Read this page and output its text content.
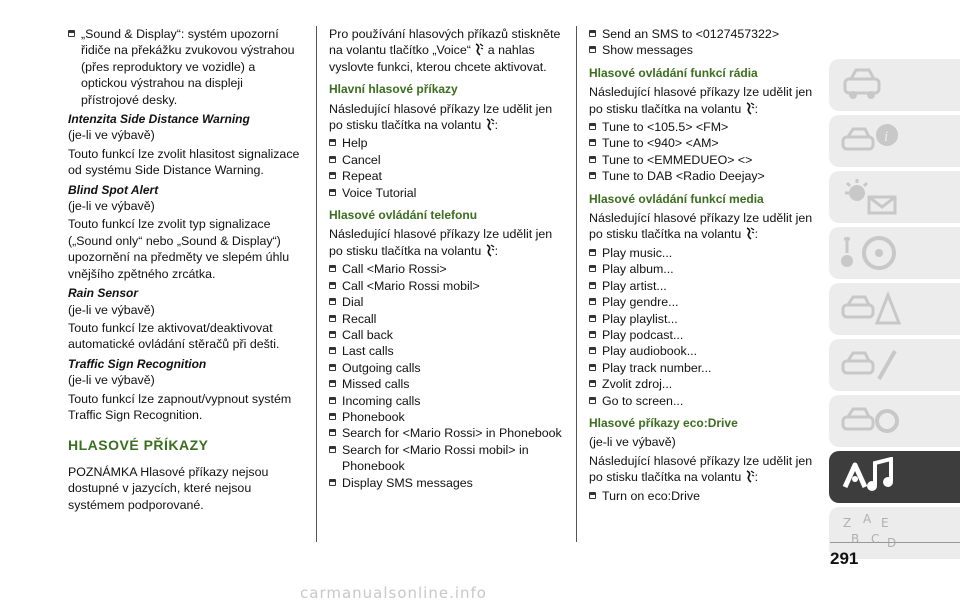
„Sound & Display“: systém upozorní řidiče na překážku zvukovou výstrahou (přes reproduktory ve vozidle) a optickou výstrahou na displeji přístrojové desky.
Intenzita Side Distance Warning

(je-li ve výbavě)

Touto funkcí lze zvolit hlasitost signalizace od systému Side Distance Warning.

Blind Spot Alert

(je-li ve výbavě)

Touto funkcí lze zvolit typ signalizace („Sound only“ nebo „Sound & Display“) upozornění na předměty ve slepém úhlu vnějšího zpětného zrcátka.

Rain Sensor

(je-li ve výbavě)

Touto funkcí lze aktivovat/deaktivovat automatické ovládání stěračů při dešti.

Traffic Sign Recognition

(je-li ve výbavě)

Touto funkcí lze zapnout/vypnout systém Traffic Sign Recognition.

HLASOVÉ PŘÍKAZY

POZNÁMKA Hlasové příkazy nejsou dostupné v jazycích, které nejsou systémem podporované.

Pro používání hlasových příkazů stiskněte na volantu tlačítko „Voice“ a nahlas vyslovte funkci, kterou chcete aktivovat.

Hlavní hlasové příkazy

Následující hlasové příkazy lze udělit jen po stisku tlačítka na volantu :

Help
Cancel
Repeat
Voice Tutorial
Hlasové ovládání telefonu

Následující hlasové příkazy lze udělit jen po stisku tlačítka na volantu :

Call <Mario Rossi>
Call <Mario Rossi mobil>
Dial
Recall
Call back
Last calls
Outgoing calls
Missed calls
Incoming calls
Phonebook
Search for <Mario Rossi> in Phonebook
Search for <Mario Rossi mobil> in Phonebook
Display SMS messages
Send an SMS to <0127457322>
Show messages
Hlasové ovládání funkcí rádia

Následující hlasové příkazy lze udělit jen po stisku tlačítka na volantu :

Tune to <105.5> <FM>
Tune to <940> <AM>
Tune to <EMMEDUEO> <>
Tune to DAB <Radio Deejay>
Hlasové ovládání funkcí media

Následující hlasové příkazy lze udělit jen po stisku tlačítka na volantu :

Play music...
Play album...
Play artist...
Play gendre...
Play playlist...
Play podcast...
Play audiobook...
Play track number...
Zvolit zdroj...
Go to screen...
Hlasové příkazy eco:Drive

(je-li ve výbavě)

Následující hlasové příkazy lze udělit jen po stisku tlačítka na volantu :

Turn on eco:Drive
i
Z A E
B C D
291
carmanualsonline.info
